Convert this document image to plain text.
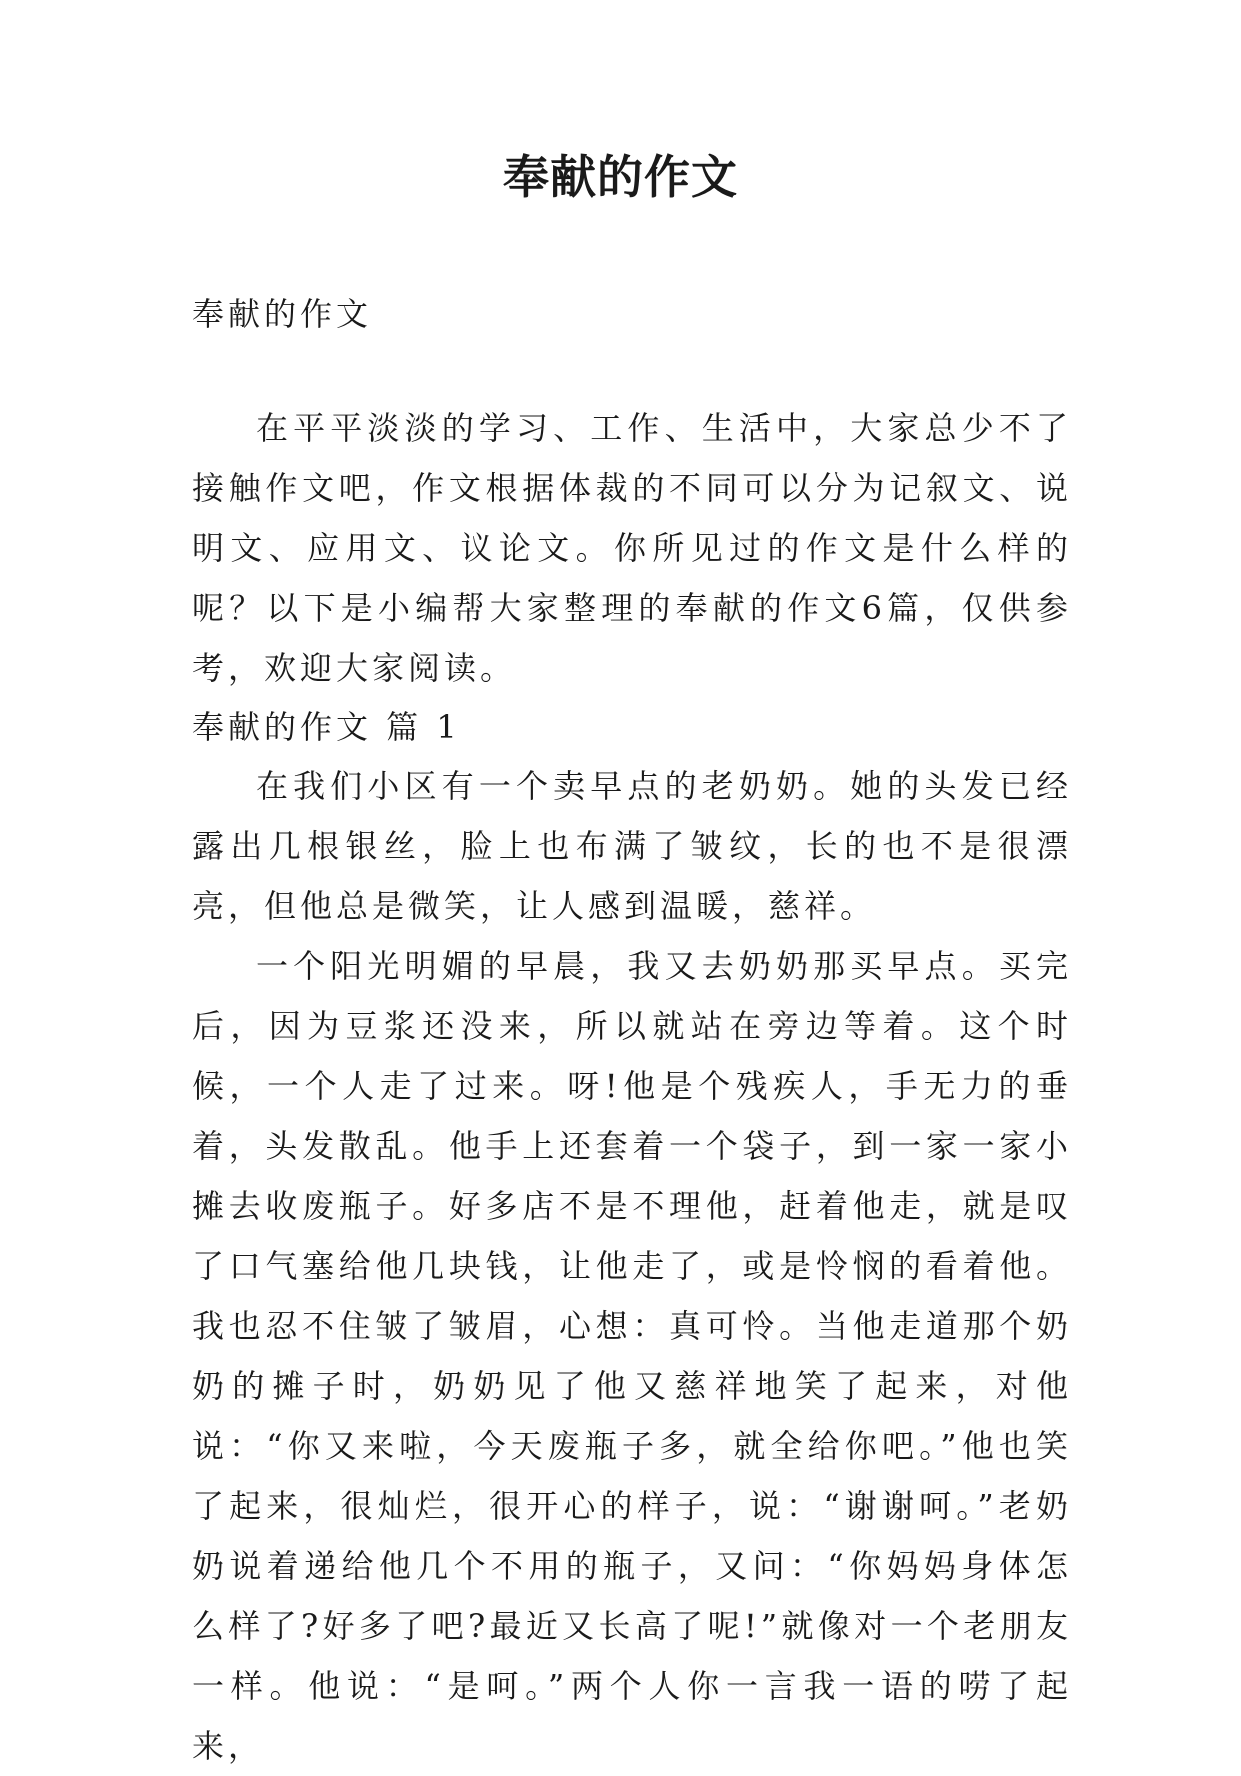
奉献的作文

奉献的作文

在平平淡淡的学习、工作、生活中，大家总少不了接触作文吧，作文根据体裁的不同可以分为记叙文、说明文、应用文、议论文。你所见过的作文是什么样的呢？以下是小编帮大家整理的奉献的作文6篇，仅供参考，欢迎大家阅读。

奉献的作文 篇 1

在我们小区有一个卖早点的老奶奶。她的头发已经露出几根银丝，脸上也布满了皱纹，长的也不是很漂亮，但他总是微笑，让人感到温暖，慈祥。

一个阳光明媚的早晨，我又去奶奶那买早点。买完后，因为豆浆还没来，所以就站在旁边等着。这个时候，一个人走了过来。呀!他是个残疾人，手无力的垂着，头发散乱。他手上还套着一个袋子，到一家一家小摊去收废瓶子。好多店不是不理他，赶着他走，就是叹了口气塞给他几块钱，让他走了，或是怜悯的看着他。我也忍不住皱了皱眉，心想：真可怜。当他走道那个奶奶的摊子时，奶奶见了他又慈祥地笑了起来，对他说：“你又来啦，今天废瓶子多，就全给你吧。”他也笑了起来，很灿烂，很开心的样子，说：“谢谢呵。”老奶奶说着递给他几个不用的瓶子，又问：“你妈妈身体怎么样了?好多了吧?最近又长高了呢!”就像对一个老朋友一样。他说：“是呵。”两个人你一言我一语的唠了起来，
